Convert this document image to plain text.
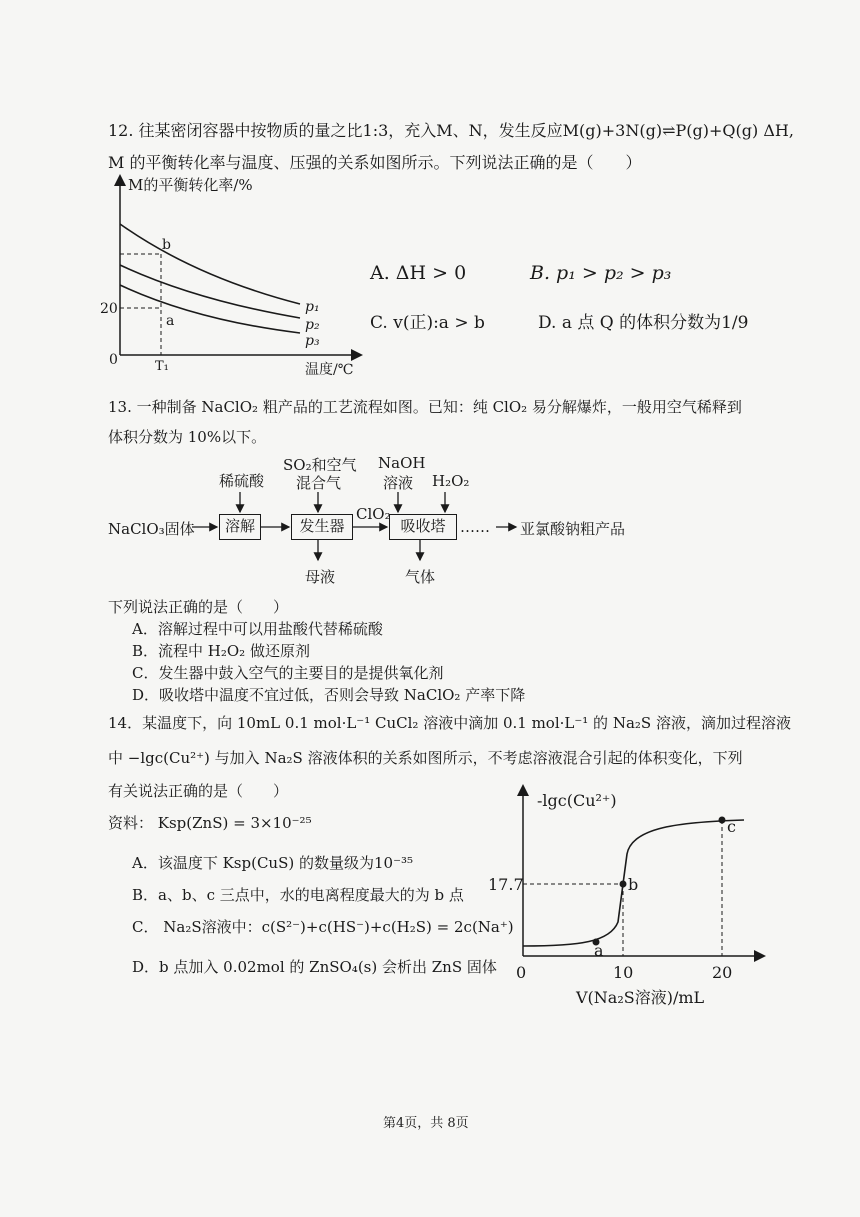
12. 往某密闭容器中按物质的量之比1:3，充入M、N，发生反应M(g)+3N(g)⇌P(g)+Q(g) ΔH,
M 的平衡转化率与温度、压强的关系如图所示。下列说法正确的是（　　）
M的平衡转化率/%
温度/℃
0
20
T₁
b
a
p₁
p₂
p₃
A. ΔH > 0	B. p₁ > p₂ > p₃
C. v(正):a > b	D. a 点 Q 的体积分数为1/9
13. 一种制备 NaClO₂ 粗产品的工艺流程如图。已知：纯 ClO₂ 易分解爆炸，一般用空气稀释到
体积分数为 10%以下。
稀硫酸
SO₂和空气
混合气
NaOH
溶液 H₂O₂
NaClO₃固体	溶解	发生器	吸收塔
ClO₂
…… 亚氯酸钠粗产品
母液	气体
下列说法正确的是（　　）
A．溶解过程中可以用盐酸代替稀硫酸
B．流程中 H₂O₂ 做还原剂
C．发生器中鼓入空气的主要目的是提供氧化剂
D．吸收塔中温度不宜过低，否则会导致 NaClO₂ 产率下降
14．某温度下，向 10mL 0.1 mol·L⁻¹ CuCl₂ 溶液中滴加 0.1 mol·L⁻¹ 的 Na₂S 溶液，滴加过程溶液
中 −lgc(Cu²⁺) 与加入 Na₂S 溶液体积的关系如图所示，不考虑溶液混合引起的体积变化，下列
有关说法正确的是（　　）
资料： Ksp(ZnS) = 3×10⁻²⁵
A．该温度下 Ksp(CuS) 的数量级为10⁻³⁵
B．a、b、c 三点中，水的电离程度最大的为 b 点
C． Na₂S溶液中：c(S²⁻)+c(HS⁻)+c(H₂S) = 2c(Na⁺)
D．b 点加入 0.02mol 的 ZnSO₄(s) 会析出 ZnS 固体
-lgc(Cu²⁺)
V(Na₂S溶液)/mL
17.7
0	10	20
a
b
c
第4页，共 8页
